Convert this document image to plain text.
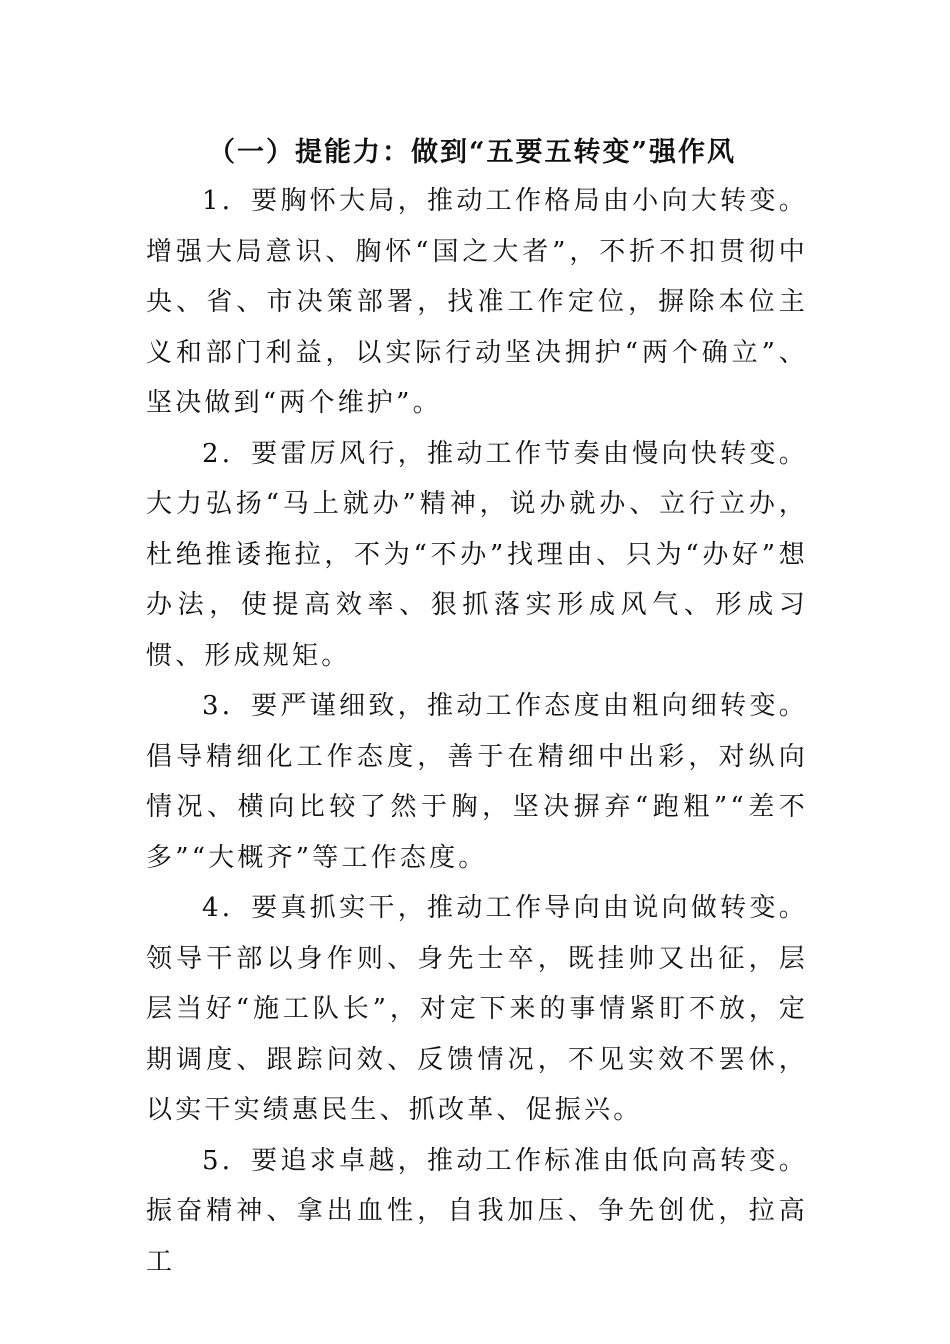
（一）提能力：做到“五要五转变”强作风

1．要胸怀大局，推动工作格局由小向大转变。增强大局意识、胸怀“国之大者”，不折不扣贯彻中央、省、市决策部署，找准工作定位，摒除本位主义和部门利益，以实际行动坚决拥护“两个确立”、坚决做到“两个维护”。

2．要雷厉风行，推动工作节奏由慢向快转变。大力弘扬“马上就办”精神，说办就办、立行立办，杜绝推诿拖拉，不为“不办”找理由、只为“办好”想办法，使提高效率、狠抓落实形成风气、形成习惯、形成规矩。

3．要严谨细致，推动工作态度由粗向细转变。倡导精细化工作态度，善于在精细中出彩，对纵向情况、横向比较了然于胸，坚决摒弃“跑粗”“差不多”“大概齐”等工作态度。

4．要真抓实干，推动工作导向由说向做转变。领导干部以身作则、身先士卒，既挂帅又出征，层层当好“施工队长”，对定下来的事情紧盯不放，定期调度、跟踪问效、反馈情况，不见实效不罢休，以实干实绩惠民生、抓改革、促振兴。

5．要追求卓越，推动工作标准由低向高转变。振奋精神、拿出血性，自我加压、争先创优，拉高工
